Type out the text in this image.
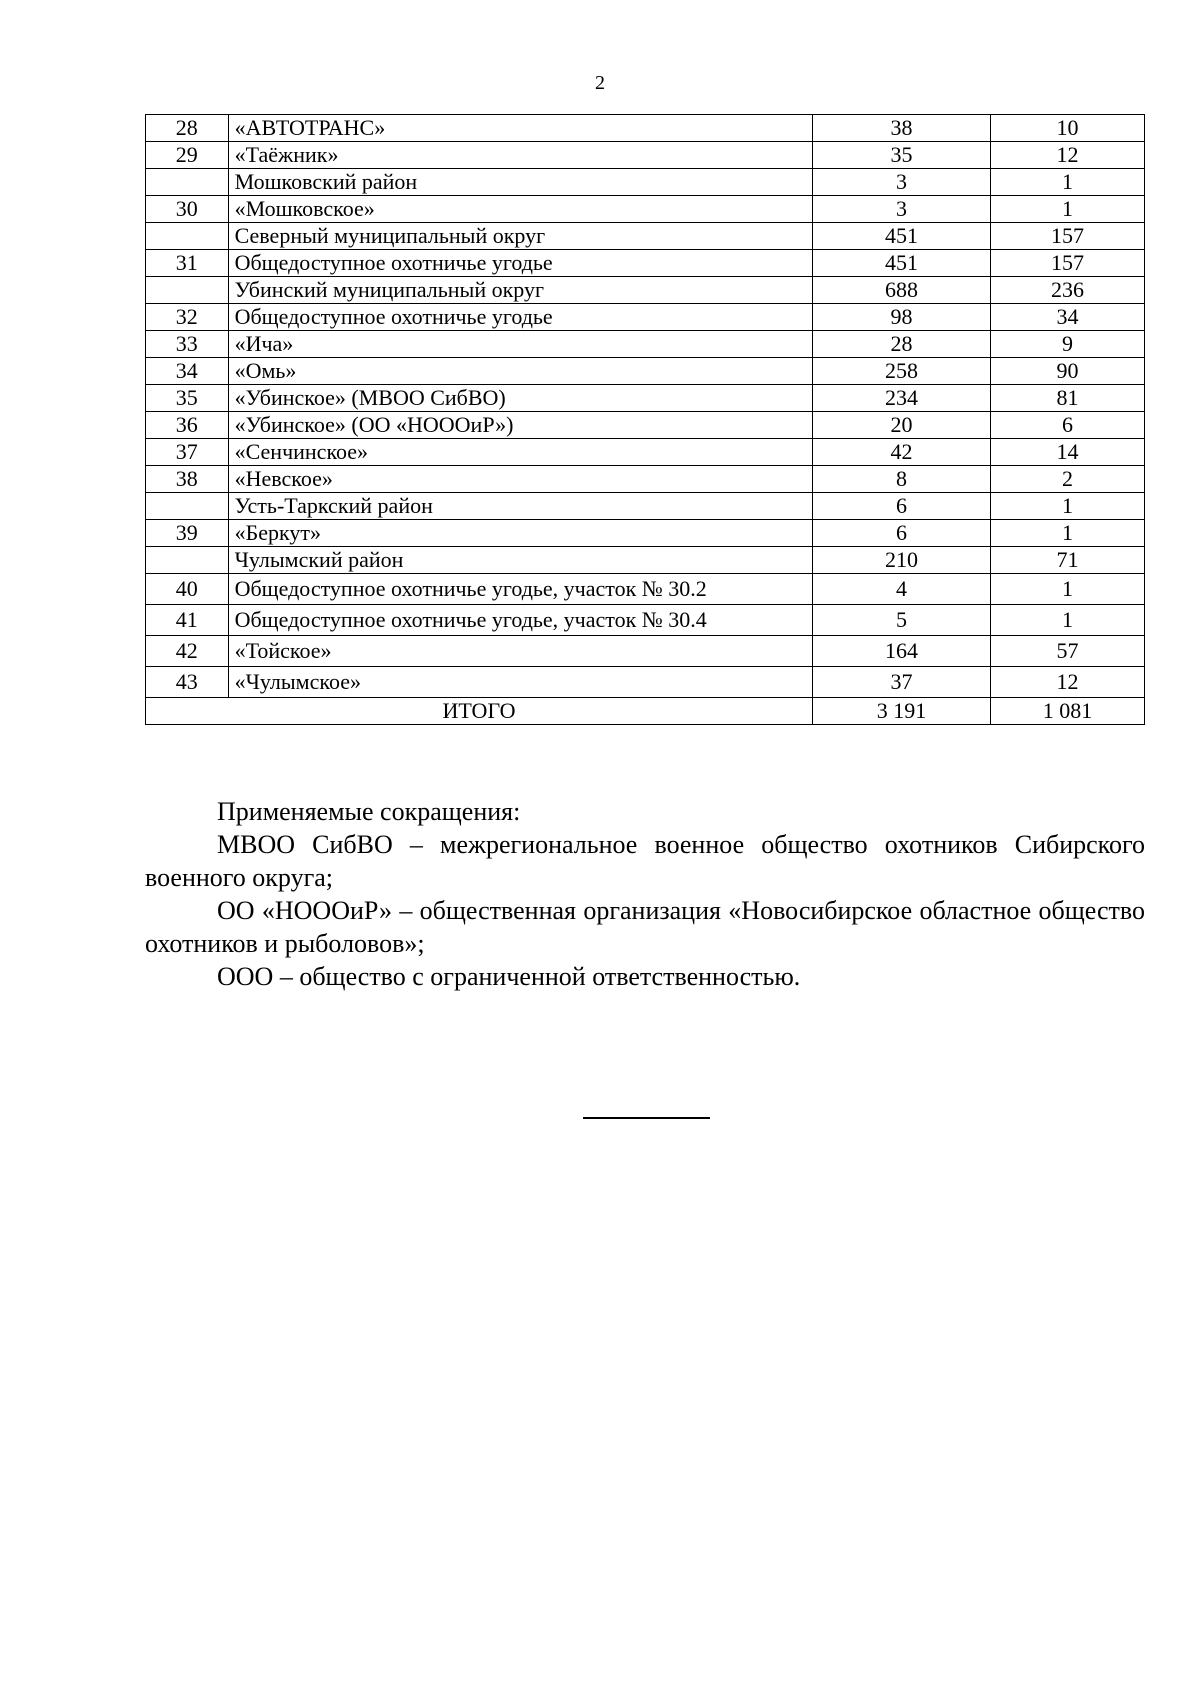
2
28	«АВТОТРАНС»	38	10
29	«Таёжник»	35	12
	Мошковский район	3	1
30	«Мошковское»	3	1
	Северный муниципальный округ	451	157
31	Общедоступное охотничье угодье	451	157
	Убинский муниципальный округ	688	236
32	Общедоступное охотничье угодье	98	34
33	«Ича»	28	9
34	«Омь»	258	90
35	«Убинское» (МВОО СибВО)	234	81
36	«Убинское» (ОО «НОООиР»)	20	6
37	«Сенчинское»	42	14
38	«Невское»	8	2
	Усть-Таркский район	6	1
39	«Беркут»	6	1
	Чулымский район	210	71
40	Общедоступное охотничье угодье, участок № 30.2	4	1
41	Общедоступное охотничье угодье, участок № 30.4	5	1
42	«Тойское»	164	57
43	«Чулымское»	37	12
ИТОГО		3 191	1 081

Применяемые сокращения:

МВОО СибВО – межрегиональное военное общество охотников Сибирского военного округа;

ОО «НОООиР» – общественная организация «Новосибирское областное общество охотников и рыболовов»;

ООО – общество с ограниченной ответственностью.
